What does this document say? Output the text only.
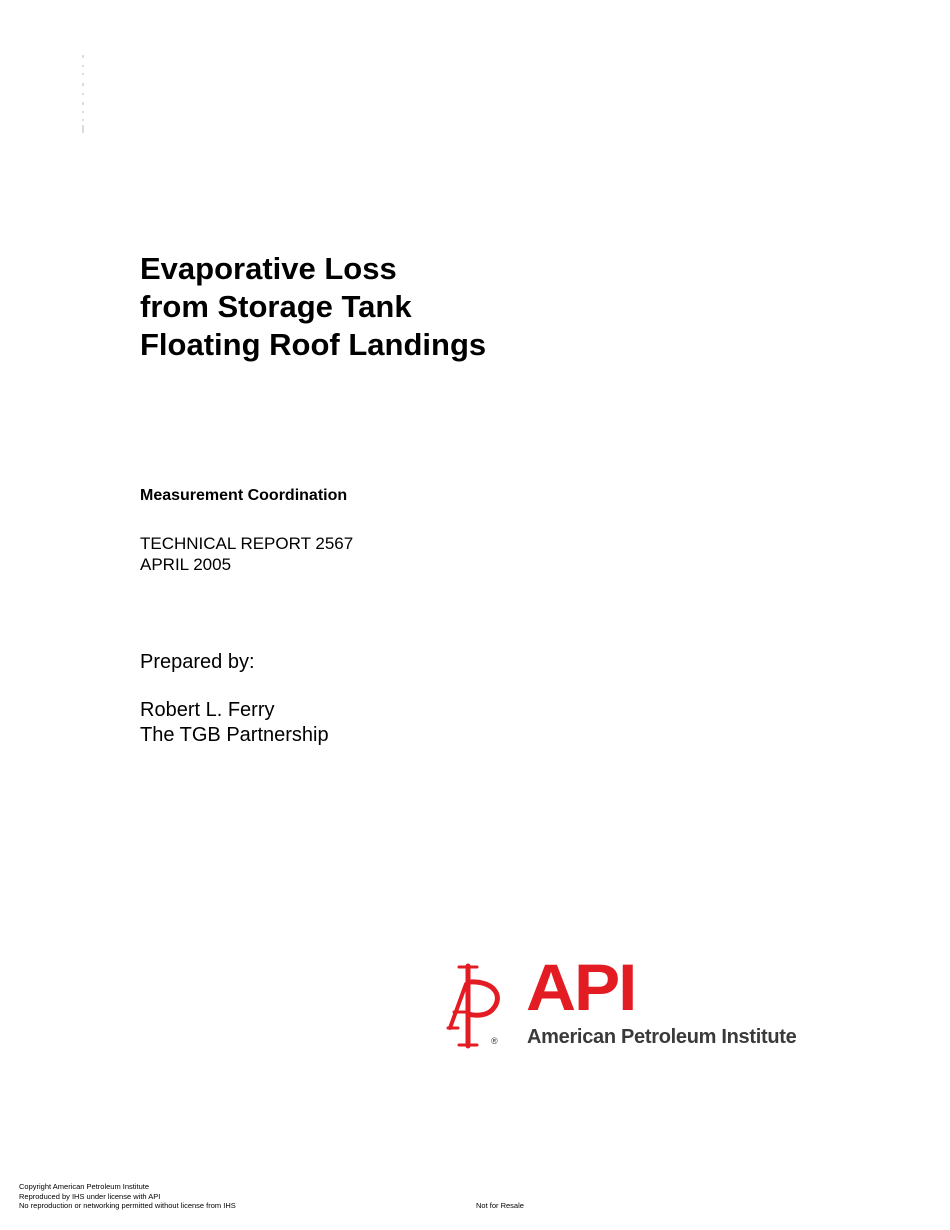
Evaporative Loss
from Storage Tank
Floating Roof Landings
Measurement Coordination
TECHNICAL REPORT 2567
APRIL 2005
Prepared by:
Robert L. Ferry
The TGB Partnership
®
API
American Petroleum Institute
Copyright American Petroleum Institute
Reproduced by IHS under license with API
No reproduction or networking permitted without license from IHS	Not for Resale
